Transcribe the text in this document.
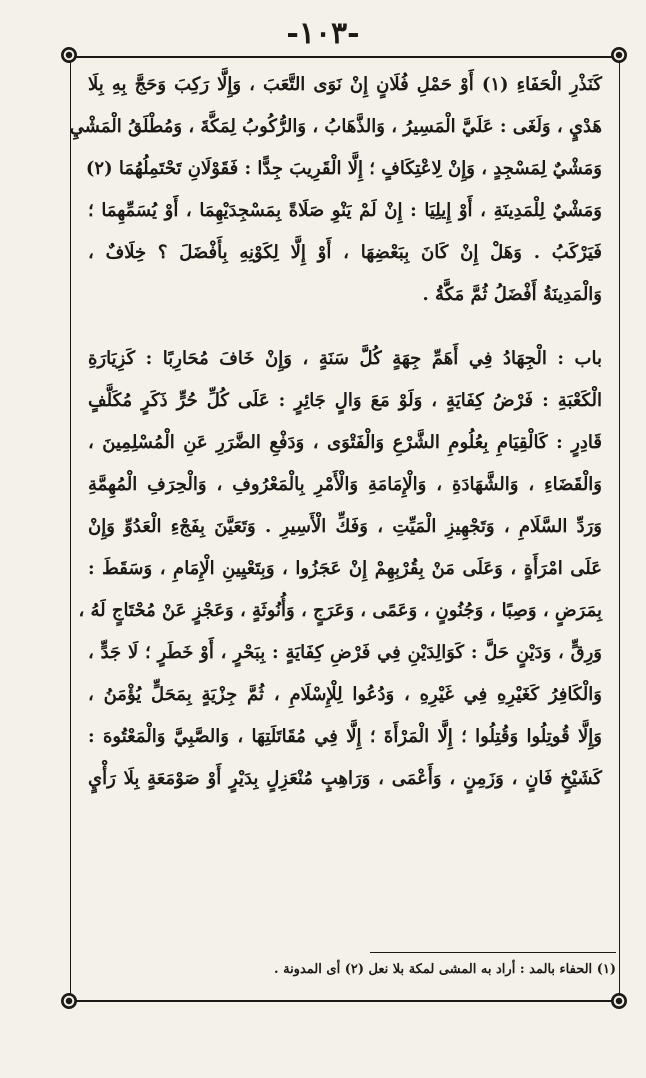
-١٠٣-
كَنَذْرِ الْحَفَاءِ (١) أَوْ حَمْلِ فُلَانٍ إِنْ نَوَى التَّعَبَ ، وَإِلَّا رَكِبَ وَحَجَّ بِهِ بِلَا
هَدْيٍ ، وَلَغَى : عَلَيَّ الْمَسِيرُ ، وَالذَّهَابُ ، وَالرُّكُوبُ لِمَكَّةَ ، وَمُطْلَقُ الْمَشْيِ
وَمَشْيٌ لِمَسْجِدٍ ، وَإِنْ لِاعْتِكَافٍ ؛ إِلَّا الْقَرِيبَ جِدًّا : فَقَوْلَانِ تَحْتَمِلُهُمَا (٢)
وَمَشْيٌ لِلْمَدِينَةِ ، أَوْ إِيلِيَا : إِنْ لَمْ يَنْوِ صَلَاةً بِمَسْجِدَيْهِمَا ، أَوْ يُسَمِّهِمَا ؛
فَيَرْكَبُ . وَهَلْ إِنْ كَانَ بِبَعْضِهَا ، أَوْ إِلَّا لِكَوْنِهِ بِأَفْضَلَ ؟ خِلَافٌ ،
وَالْمَدِينَةُ أَفْضَلُ ثُمَّ مَكَّةُ .
باب : الْجِهَادُ فِي أَهَمِّ جِهَةٍ كُلَّ سَنَةٍ ، وَإِنْ خَافَ مُحَارِبًا : كَزِيَارَةِ
الْكَعْبَةِ : فَرْضُ كِفَايَةٍ ، وَلَوْ مَعَ وَالٍ جَائِرٍ : عَلَى كُلِّ حُرٍّ ذَكَرٍ مُكَلَّفٍ
قَادِرٍ : كَالْقِيَامِ بِعُلُومِ الشَّرْعِ وَالْفَتْوَى ، وَدَفْعِ الضَّرَرِ عَنِ الْمُسْلِمِينَ ،
وَالْقَضَاءِ ، وَالشَّهَادَةِ ، وَالْإِمَامَةِ وَالْأَمْرِ بِالْمَعْرُوفِ ، وَالْحِرَفِ الْمُهِمَّةِ
وَرَدِّ السَّلَامِ ، وَتَجْهِيزِ الْمَيِّتِ ، وَفَكِّ الْأَسِيرِ . وَتَعَيَّنَ بِفَجْءِ الْعَدُوِّ وَإِنْ
عَلَى امْرَأَةٍ ، وَعَلَى مَنْ بِقُرْبِهِمْ إِنْ عَجَزُوا ، وَبِتَعْيِينِ الْإِمَامِ ، وَسَقَطَ :
بِمَرَضٍ ، وَصِبًا ، وَجُنُونٍ ، وَعَمًى ، وَعَرَجٍ ، وَأُنُوثَةٍ ، وَعَجْزٍ عَنْ مُحْتَاجٍ لَهُ ،
وَرِقٍّ ، وَدَيْنٍ حَلَّ : كَوَالِدَيْنِ فِي فَرْضِ كِفَايَةٍ : بِبَحْرٍ ، أَوْ خَطَرٍ ؛ لَا جَدٍّ ،
وَالْكَافِرُ كَغَيْرِهِ فِي غَيْرِهِ ، وَدُعُوا لِلْإِسْلَامِ ، ثُمَّ جِزْيَةٍ بِمَحَلٍّ يُؤْمَنُ ،
وَإِلَّا قُوتِلُوا وَقُتِلُوا ؛ إِلَّا الْمَرْأَةَ ؛ إِلَّا فِي مُقَاتَلَتِهَا ، وَالصَّبِيَّ وَالْمَعْتُوهَ :
كَشَيْخٍ فَانٍ ، وَزَمِنٍ ، وَأَعْمَى ، وَرَاهِبٍ مُنْعَزِلٍ بِدَيْرٍ أَوْ صَوْمَعَةٍ بِلَا رَأْيٍ
(١) الحفاء بالمد : أراد به المشى لمكة بلا نعل (٢) أى المدونة .
